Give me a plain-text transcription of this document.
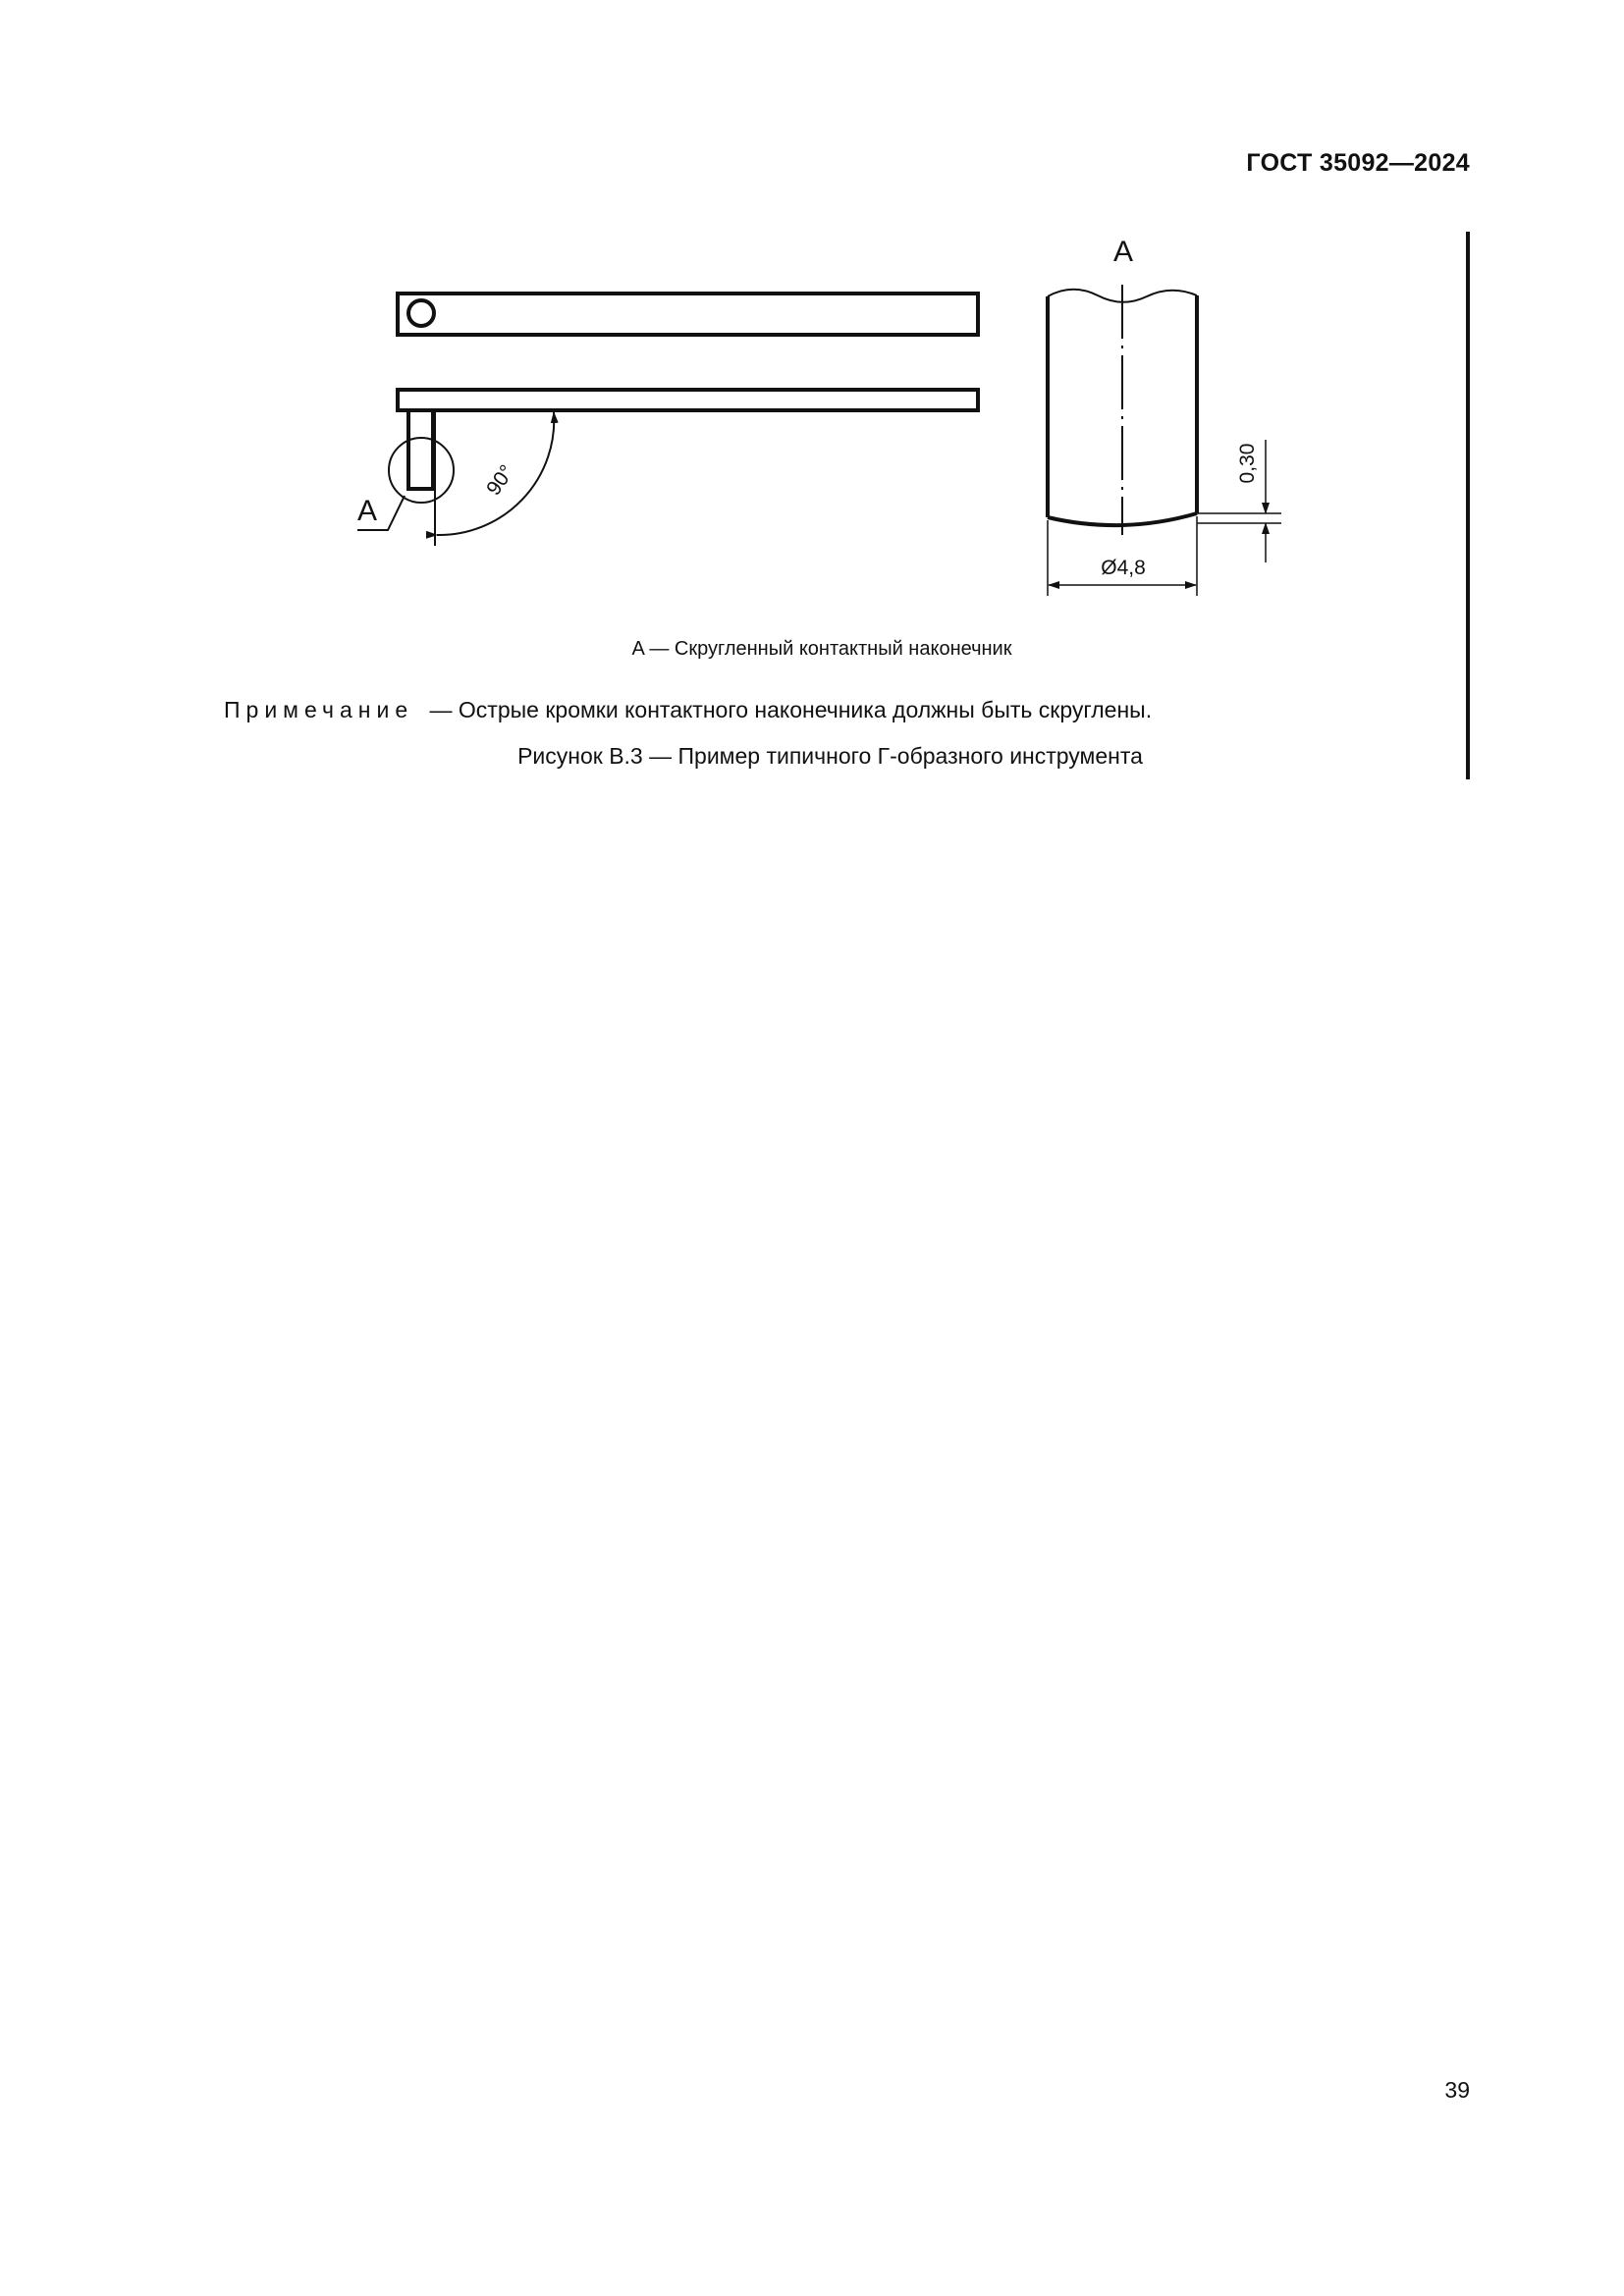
ГОСТ 35092—2024
A
90°
A
0,30
Ø4,8
A — Скругленный контактный наконечник
Примечание — Острые кромки контактного наконечника должны быть скруглены.
Рисунок В.3 — Пример типичного Г-образного инструмента
39
